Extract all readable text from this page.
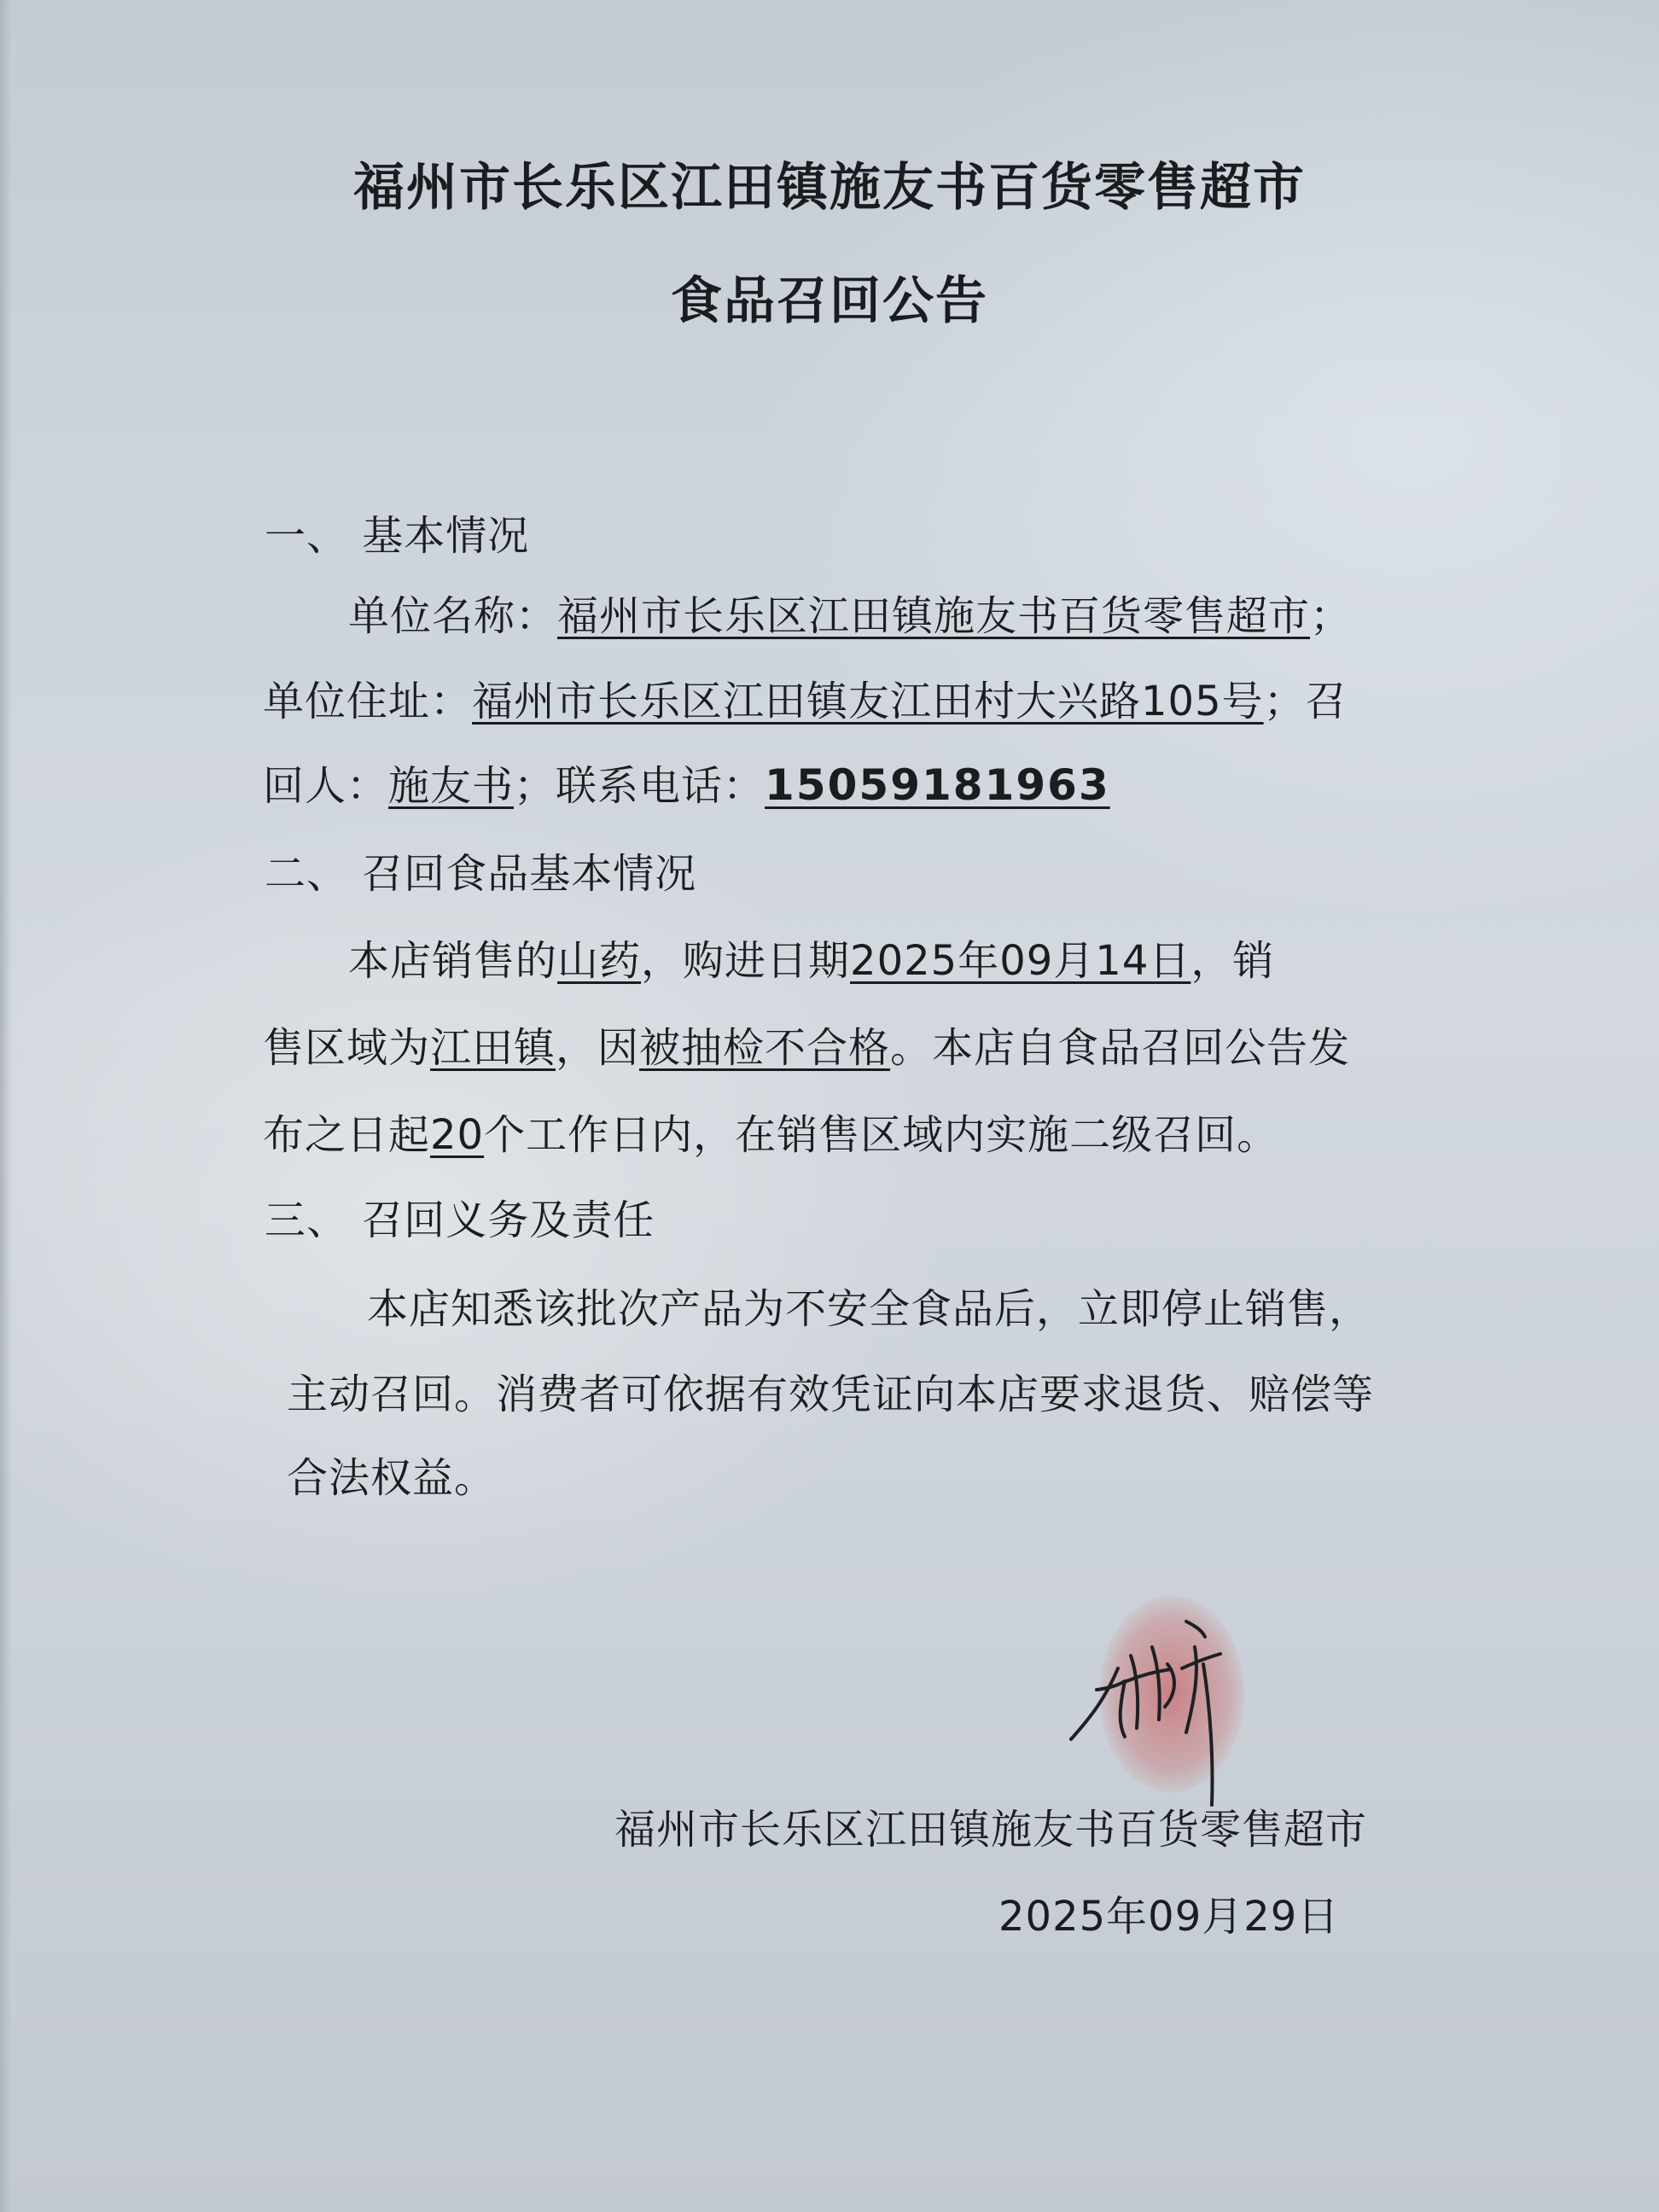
福州市长乐区江田镇施友书百货零售超市
食品召回公告
一、 基本情况
单位名称：福州市长乐区江田镇施友书百货零售超市；
单位住址：福州市长乐区江田镇友江田村大兴路105号；召
回人：施友书；联系电话：15059181963
二、 召回食品基本情况
本店销售的山药，购进日期2025年09月14日，销
售区域为江田镇，因被抽检不合格。本店自食品召回公告发
布之日起20个工作日内，在销售区域内实施二级召回。
三、 召回义务及责任
本店知悉该批次产品为不安全食品后，立即停止销售，
主动召回。消费者可依据有效凭证向本店要求退货、赔偿等
合法权益。
福州市长乐区江田镇施友书百货零售超市
2025年09月29日
